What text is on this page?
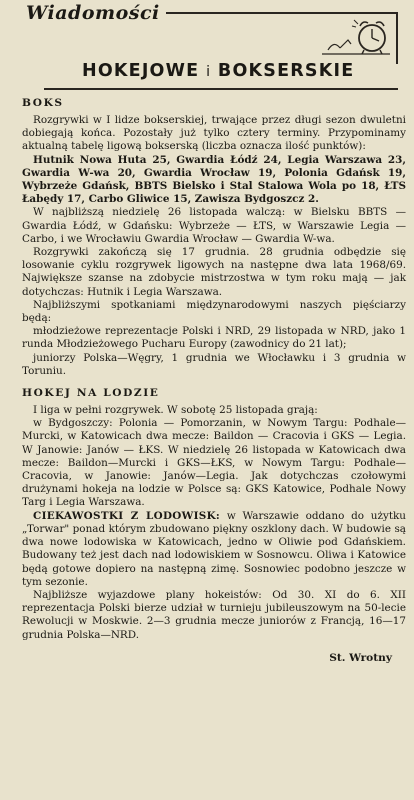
Wiadomości
HOKEJOWE i BOKSERSKIE
BOKS

Rozgrywki w I lidze bokserskiej, trwające przez długi sezon dwuletni dobiegają końca. Pozostały już tylko cztery terminy. Przypominamy aktualną tabelę ligową bokserską (liczba oznacza ilość punktów):

Hutnik Nowa Huta 25, Gwardia Łódź 24, Legia Warszawa 23, Gwardia W-wa 20, Gwardia Wrocław 19, Polonia Gdańsk 19, Wybrzeże Gdańsk, BBTS Bielsko i Stal Stalowa Wola po 18, ŁTS Łabędy 17, Carbo Gliwice 15, Zawisza Bydgoszcz 2.

W najbliższą niedzielę 26 listopada walczą: w Bielsku BBTS — Gwardia Łódź, w Gdańsku: Wybrzeże — ŁTS, w Warszawie Legia — Carbo, i we Wrocławiu Gwardia Wrocław — Gwardia W-wa.

Rozgrywki zakończą się 17 grudnia. 28 grudnia odbędzie się losowanie cyklu rozgrywek ligowych na następne dwa lata 1968/69. Największe szanse na zdobycie mistrzostwa w tym roku mają — jak dotychczas: Hutnik i Legia Warszawa.

Najbliższymi spotkaniami międzynarodowymi naszych pięściarzy będą:

młodzieżowe reprezentacje Polski i NRD, 29 listopada w NRD, jako 1 runda Młodzieżowego Pucharu Europy (zawodnicy do 21 lat);

juniorzy Polska—Węgry, 1 grudnia we Włocławku i 3 grudnia w Toruniu.

HOKEJ NA LODZIE

I liga w pełni rozgrywek. W sobotę 25 listopada grają:

w Bydgoszczy: Polonia — Pomorzanin, w Nowym Targu: Podhale—Murcki, w Katowicach dwa mecze: Baildon — Cracovia i GKS — Legia. W Janowie: Janów — ŁKS. W niedzielę 26 listopada w Katowicach dwa mecze: Baildon—Murcki i GKS—ŁKS, w Nowym Targu: Podhale—Cracovia, w Janowie: Janów—Legia. Jak dotychczas czołowymi drużynami hokeja na lodzie w Polsce są: GKS Katowice, Podhale Nowy Targ i Legia Warszawa.

CIEKAWOSTKI Z LODOWISK: w Warszawie oddano do użytku „Torwar" ponad którym zbudowano piękny oszklony dach. W budowie są dwa nowe lodowiska w Katowicach, jedno w Oliwie pod Gdańskiem. Budowany też jest dach nad lodowiskiem w Sosnowcu. Oliwa i Katowice będą gotowe dopiero na następną zimę. Sosnowiec podobno jeszcze w tym sezonie.

Najbliższe wyjazdowe plany hokeistów: Od 30. XI do 6. XII reprezentacja Polski bierze udział w turnieju jubileuszowym na 50-lecie Rewolucji w Moskwie. 2—3 grudnia mecze juniorów z Francją, 16—17 grudnia Polska—NRD.

St. Wrotny
